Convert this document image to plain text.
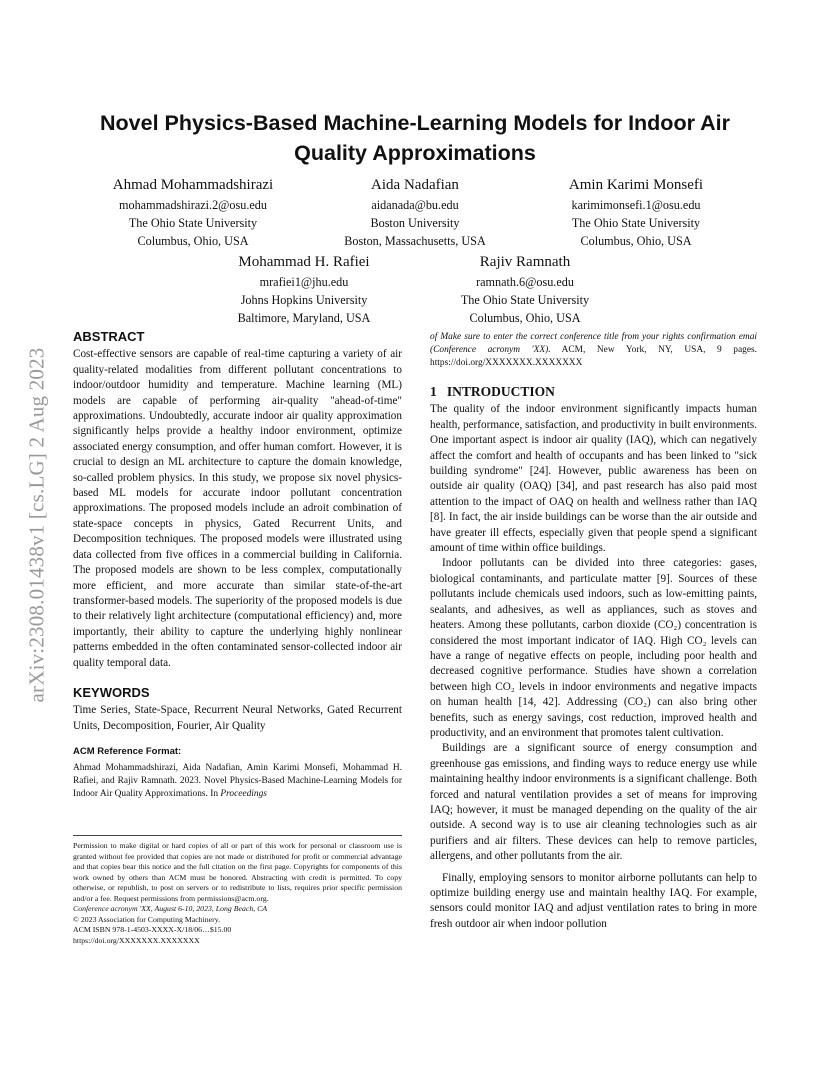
arXiv:2308.01438v1 [cs.LG] 2 Aug 2023
Novel Physics-Based Machine-Learning Models for Indoor Air Quality Approximations
Ahmad Mohammadshirazi
mohammadshirazi.2@osu.edu
The Ohio State University
Columbus, Ohio, USA
Aida Nadafian
aidanada@bu.edu
Boston University
Boston, Massachusetts, USA
Amin Karimi Monsefi
karimimonsefi.1@osu.edu
The Ohio State University
Columbus, Ohio, USA
Mohammad H. Rafiei
mrafiei1@jhu.edu
Johns Hopkins University
Baltimore, Maryland, USA
Rajiv Ramnath
ramnath.6@osu.edu
The Ohio State University
Columbus, Ohio, USA
ABSTRACT

Cost-effective sensors are capable of real-time capturing a variety of air quality-related modalities from different pollutant concentrations to indoor/outdoor humidity and temperature. Machine learning (ML) models are capable of performing air-quality "ahead-of-time" approximations. Undoubtedly, accurate indoor air quality approximation significantly helps provide a healthy indoor environment, optimize associated energy consumption, and offer human comfort. However, it is crucial to design an ML architecture to capture the domain knowledge, so-called problem physics. In this study, we propose six novel physics-based ML models for accurate indoor pollutant concentration approximations. The proposed models include an adroit combination of state-space concepts in physics, Gated Recurrent Units, and Decomposition techniques. The proposed models were illustrated using data collected from five offices in a commercial building in California. The proposed models are shown to be less complex, computationally more efficient, and more accurate than similar state-of-the-art transformer-based models. The superiority of the proposed models is due to their relatively light architecture (computational efficiency) and, more importantly, their ability to capture the underlying highly nonlinear patterns embedded in the often contaminated sensor-collected indoor air quality temporal data.

KEYWORDS

Time Series, State-Space, Recurrent Neural Networks, Gated Recurrent Units, Decomposition, Fourier, Air Quality

ACM Reference Format:

Ahmad Mohammadshirazi, Aida Nadafian, Amin Karimi Monsefi, Mohammad H. Rafiei, and Rajiv Ramnath. 2023. Novel Physics-Based Machine-Learning Models for Indoor Air Quality Approximations. In Proceedings

Permission to make digital or hard copies of all or part of this work for personal or classroom use is granted without fee provided that copies are not made or distributed for profit or commercial advantage and that copies bear this notice and the full citation on the first page. Copyrights for components of this work owned by others than ACM must be honored. Abstracting with credit is permitted. To copy otherwise, or republish, to post on servers or to redistribute to lists, requires prior specific permission and/or a fee. Request permissions from permissions@acm.org.

Conference acronym 'XX, August 6-10, 2023, Long Beach, CA

© 2023 Association for Computing Machinery.

ACM ISBN 978-1-4503-XXXX-X/18/06…$15.00

https://doi.org/XXXXXXX.XXXXXXX

of Make sure to enter the correct conference title from your rights confirmation emai (Conference acronym 'XX). ACM, New York, NY, USA, 9 pages. https://doi.org/XXXXXXX.XXXXXXX

1   INTRODUCTION

The quality of the indoor environment significantly impacts human health, performance, satisfaction, and productivity in built environments. One important aspect is indoor air quality (IAQ), which can negatively affect the comfort and health of occupants and has been linked to "sick building syndrome" [24]. However, public awareness has been on outside air quality (OAQ) [34], and past research has also paid most attention to the impact of OAQ on health and wellness rather than IAQ [8]. In fact, the air inside buildings can be worse than the air outside and have greater ill effects, especially given that people spend a significant amount of time within office buildings.

Indoor pollutants can be divided into three categories: gases, biological contaminants, and particulate matter [9]. Sources of these pollutants include chemicals used indoors, such as low-emitting paints, sealants, and adhesives, as well as appliances, such as stoves and heaters. Among these pollutants, carbon dioxide (CO₂) concentration is considered the most important indicator of IAQ. High CO₂ levels can have a range of negative effects on people, including poor health and decreased cognitive performance. Studies have shown a correlation between high CO₂ levels in indoor environments and negative impacts on human health [14, 42]. Addressing (CO₂) can also bring other benefits, such as energy savings, cost reduction, improved health and productivity, and an environment that promotes talent cultivation.

Buildings are a significant source of energy consumption and greenhouse gas emissions, and finding ways to reduce energy use while maintaining healthy indoor environments is a significant challenge. Both forced and natural ventilation provides a set of means for improving IAQ; however, it must be managed depending on the quality of the air outside. A second way is to use air cleaning technologies such as air purifiers and air filters. These devices can help to remove particles, allergens, and other pollutants from the air.

Finally, employing sensors to monitor airborne pollutants can help to optimize building energy use and maintain healthy IAQ. For example, sensors could monitor IAQ and adjust ventilation rates to bring in more fresh outdoor air when indoor pollution
